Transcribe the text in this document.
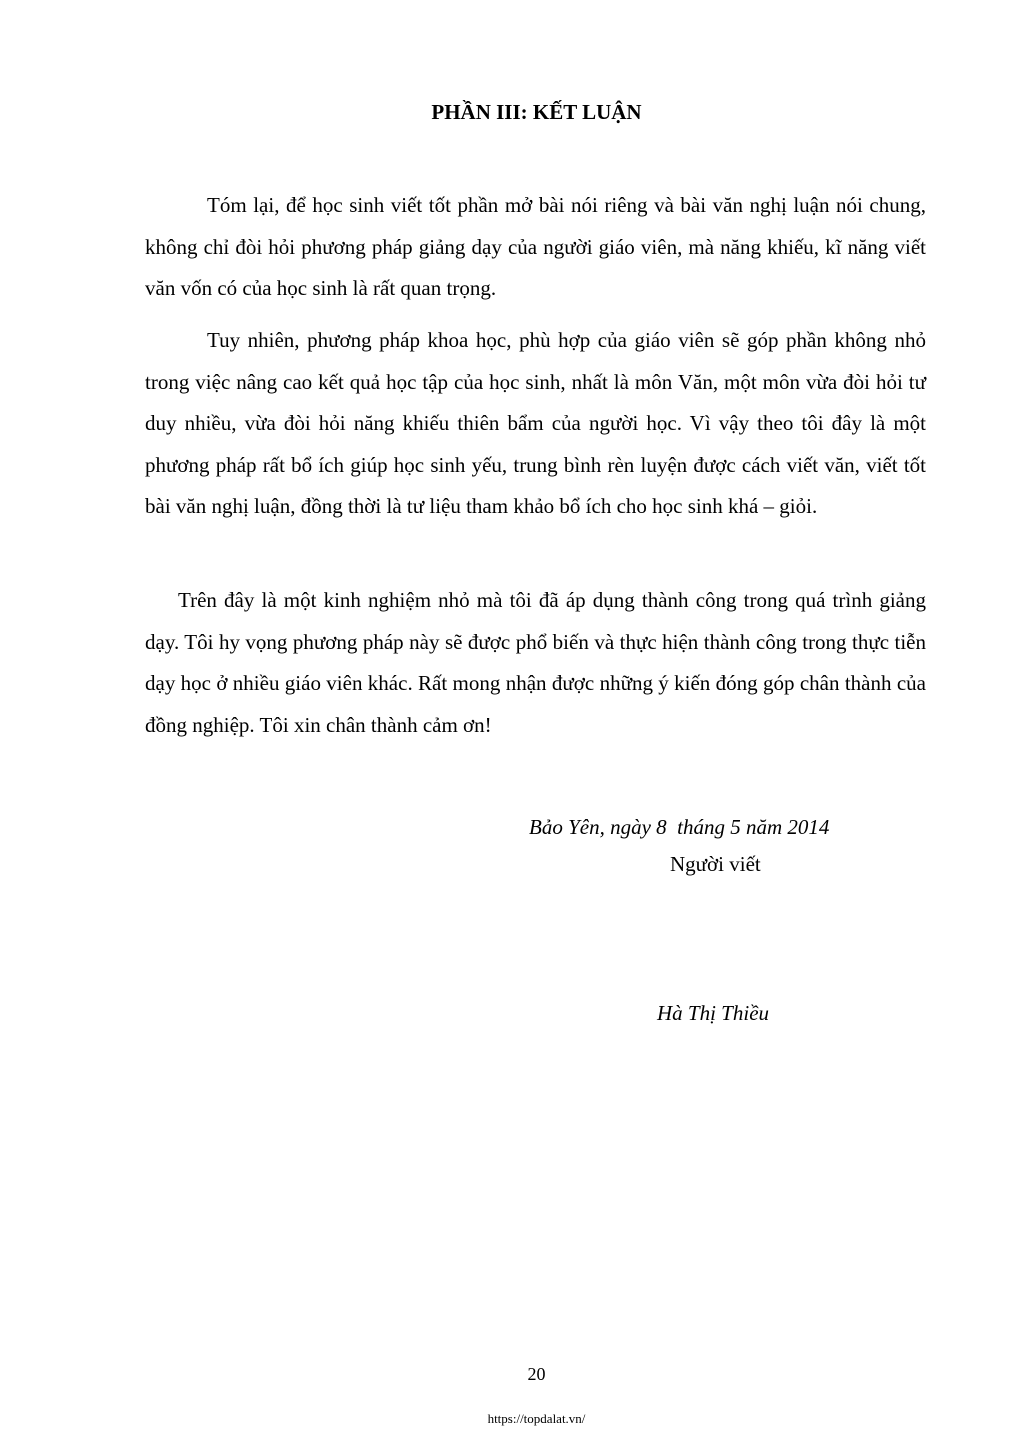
PHẦN III: KẾT LUẬN

Tóm lại, để học sinh viết tốt phần mở bài nói riêng và bài văn nghị luận nói chung, không chỉ đòi hỏi phương pháp giảng dạy của người giáo viên, mà năng khiếu, kĩ năng viết văn vốn có của học sinh là rất quan trọng.

Tuy nhiên, phương pháp khoa học, phù hợp của giáo viên sẽ góp phần không nhỏ trong việc nâng cao kết quả học tập của học sinh, nhất là môn Văn, một môn vừa đòi hỏi tư duy nhiều, vừa đòi hỏi năng khiếu thiên bẩm của người học. Vì vậy theo tôi đây là một phương pháp rất bổ ích giúp học sinh yếu, trung bình rèn luyện được cách viết văn, viết tốt bài văn nghị luận, đồng thời là tư liệu tham khảo bổ ích cho học sinh khá – giỏi.

Trên đây là một kinh nghiệm nhỏ mà tôi đã áp dụng thành công trong quá trình giảng dạy. Tôi hy vọng phương pháp này sẽ được phổ biến và thực hiện thành công trong thực tiễn dạy học ở nhiều giáo viên khác. Rất mong nhận được những ý kiến đóng góp chân thành của đồng nghiệp. Tôi xin chân thành cảm ơn!

Bảo Yên, ngày 8  tháng 5 năm 2014
Người viết
Hà Thị Thiều
20
https://topdalat.vn/
